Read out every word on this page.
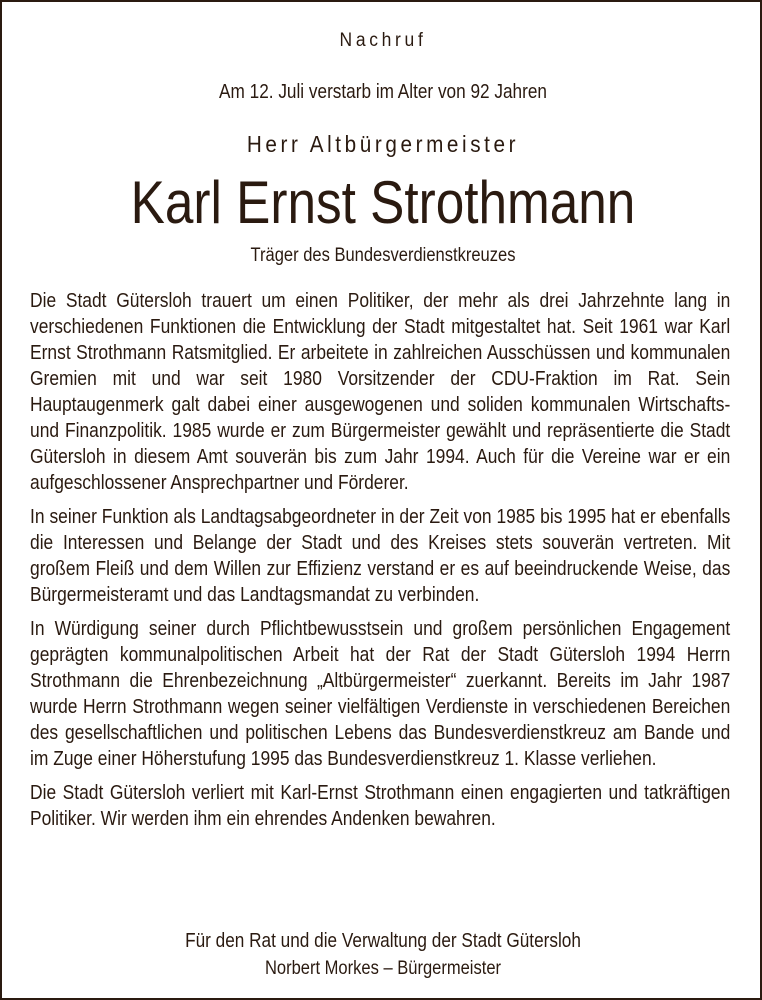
Nachruf
Am 12. Juli verstarb im Alter von 92 Jahren
Herr Altbürgermeister
Karl Ernst Strothmann
Träger des Bundesverdienstkreuzes

Die Stadt Gütersloh trauert um einen Politiker, der mehr als drei Jahrzehnte lang in verschiedenen Funktionen die Entwicklung der Stadt mitgestaltet hat. Seit 1961 war Karl Ernst Strothmann Ratsmitglied. Er arbeitete in zahlreichen Ausschüssen und kommunalen Gremien mit und war seit 1980 Vorsitzender der CDU-Fraktion im Rat. Sein Hauptaugenmerk galt dabei einer ausgewogenen und soliden kommunalen Wirtschafts- und Finanzpolitik. 1985 wurde er zum Bürgermeister gewählt und repräsentierte die Stadt Gütersloh in diesem Amt souverän bis zum Jahr 1994. Auch für die Vereine war er ein aufgeschlossener Ansprechpartner und Förderer.

In seiner Funktion als Landtagsabgeordneter in der Zeit von 1985 bis 1995 hat er ebenfalls die Interessen und Belange der Stadt und des Kreises stets souverän vertreten. Mit großem Fleiß und dem Willen zur Effizienz verstand er es auf beeindruckende Weise, das Bürgermeisteramt und das Landtagsmandat zu verbinden.

In Würdigung seiner durch Pflichtbewusstsein und großem persönlichen Engagement geprägten kommunalpolitischen Arbeit hat der Rat der Stadt Gütersloh 1994 Herrn Strothmann die Ehrenbezeichnung „Altbürgermeister“ zuerkannt. Bereits im Jahr 1987 wurde Herrn Strothmann wegen seiner vielfältigen Verdienste in verschiedenen Bereichen des gesellschaftlichen und politischen Lebens das Bundesverdienstkreuz am Bande und im Zuge einer Höherstufung 1995 das Bundesverdienstkreuz 1. Klasse verliehen.

Die Stadt Gütersloh verliert mit Karl-Ernst Strothmann einen engagierten und tatkräftigen Politiker. Wir werden ihm ein ehrendes Andenken bewahren.

Für den Rat und die Verwaltung der Stadt Gütersloh
Norbert Morkes – Bürgermeister
